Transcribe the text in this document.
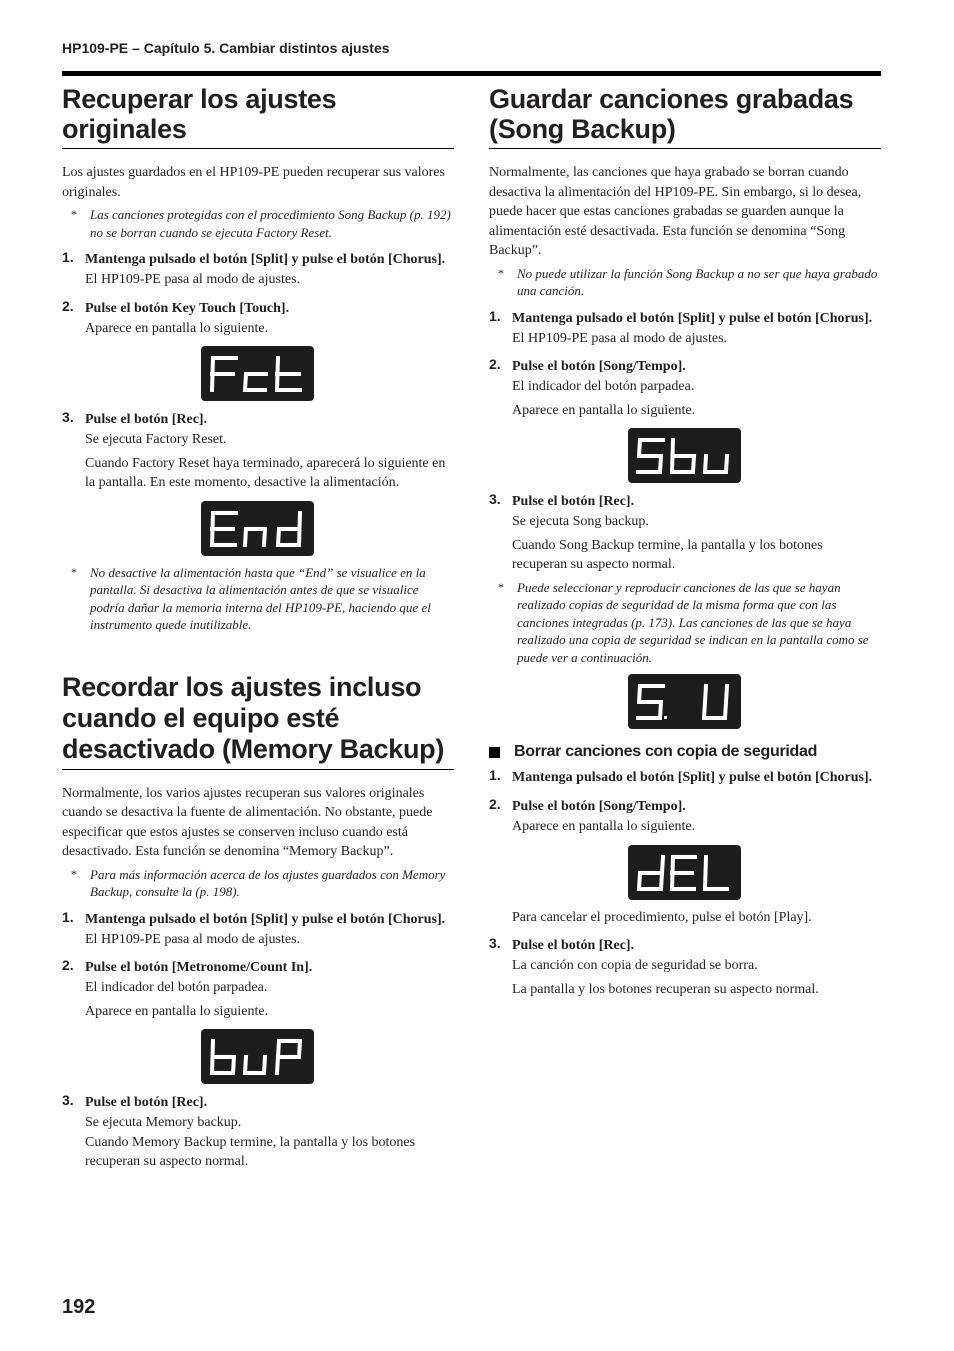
HP109-PE – Capítulo 5. Cambiar distintos ajustes
Recuperar los ajustes originales

Los ajustes guardados en el HP109-PE pueden recuperar sus valores originales.

* Las canciones protegidas con el procedimiento Song Backup (p. 192) no se borran cuando se ejecuta Factory Reset.
1. Mantenga pulsado el botón [Split] y pulse el botón [Chorus].
El HP109-PE pasa al modo de ajustes.
2. Pulse el botón Key Touch [Touch].
Aparece en pantalla lo siguiente.
3. Pulse el botón [Rec].
Se ejecuta Factory Reset.
Cuando Factory Reset haya terminado, aparecerá lo siguiente en la pantalla. En este momento, desactive la alimentación.
* No desactive la alimentación hasta que “End” se visualice en la pantalla. Si desactiva la alimentación antes de que se visualice podría dañar la memoria interna del HP109-PE, haciendo que el instrumento quede inutilizable.
Recordar los ajustes incluso cuando el equipo esté desactivado (Memory Backup)

Normalmente, los varios ajustes recuperan sus valores originales cuando se desactiva la fuente de alimentación. No obstante, puede especificar que estos ajustes se conserven incluso cuando está desactivado. Esta función se denomina “Memory Backup”.

* Para más información acerca de los ajustes guardados con Memory Backup, consulte la (p. 198).
1. Mantenga pulsado el botón [Split] y pulse el botón [Chorus].
El HP109-PE pasa al modo de ajustes.
2. Pulse el botón [Metronome/Count In].
El indicador del botón parpadea.
Aparece en pantalla lo siguiente.
3. Pulse el botón [Rec].
Se ejecuta Memory backup.
Cuando Memory Backup termine, la pantalla y los botones recuperan su aspecto normal.
Guardar canciones grabadas (Song Backup)

Normalmente, las canciones que haya grabado se borran cuando desactiva la alimentación del HP109-PE. Sin embargo, si lo desea, puede hacer que estas canciones grabadas se guarden aunque la alimentación esté desactivada. Esta función se denomina “Song Backup”.

* No puede utilizar la función Song Backup a no ser que haya grabado una canción.
1. Mantenga pulsado el botón [Split] y pulse el botón [Chorus].
El HP109-PE pasa al modo de ajustes.
2. Pulse el botón [Song/Tempo].
El indicador del botón parpadea.
Aparece en pantalla lo siguiente.
3. Pulse el botón [Rec].
Se ejecuta Song backup.
Cuando Song Backup termine, la pantalla y los botones recuperan su aspecto normal.
* Puede seleccionar y reproducir canciones de las que se hayan realizado copias de seguridad de la misma forma que con las canciones integradas (p. 173). Las canciones de las que se haya realizado una copia de seguridad se indican en la pantalla como se puede ver a continuación.
Borrar canciones con copia de seguridad
1. Mantenga pulsado el botón [Split] y pulse el botón [Chorus].
2. Pulse el botón [Song/Tempo].
Aparece en pantalla lo siguiente.
Para cancelar el procedimiento, pulse el botón [Play].
3. Pulse el botón [Rec].
La canción con copia de seguridad se borra.
La pantalla y los botones recuperan su aspecto normal.
192
